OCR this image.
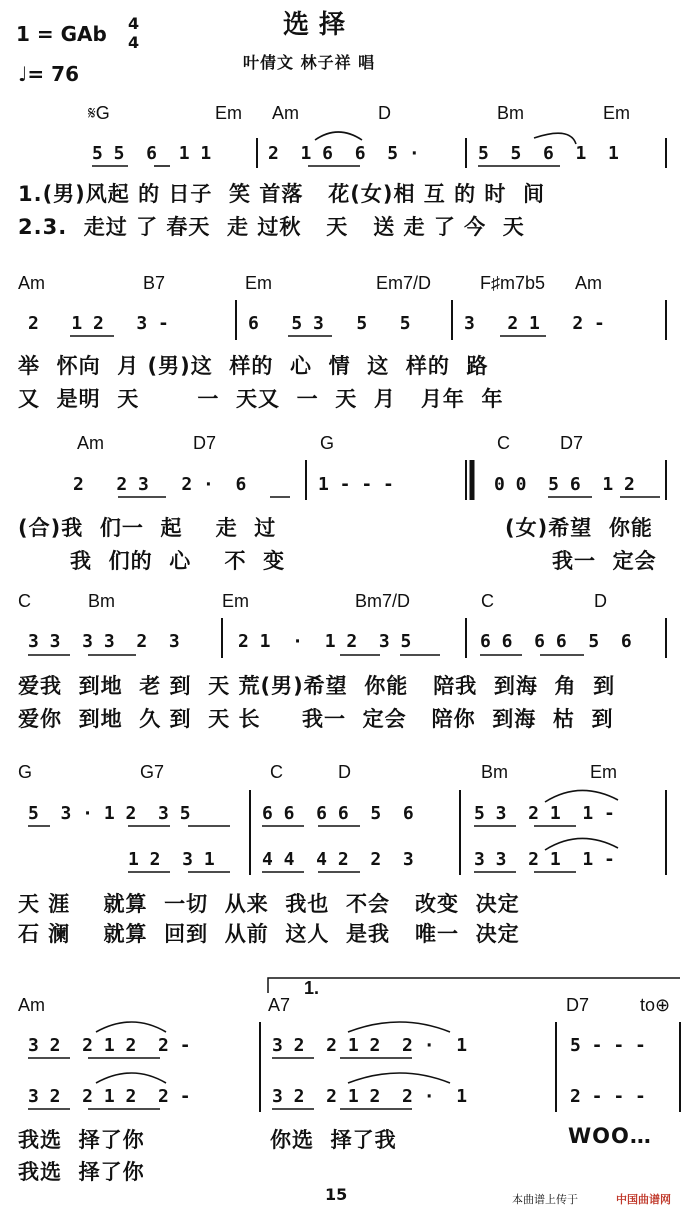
选择
叶倩文 林子祥 唱
1 = GAb 4
4
♩= 76
𝄋G	Em Am	D	Bm	Em
5 5  6  1 1	2  1 6  6  5 ·	5  5  6  1  1
1.(男)风起 的 日子  笑 首落   花(女)相 互 的 时  间
2.3.  走过 了 春天  走 过秋   天   送 走 了 今  天
Am	B7	Em	Em7/D	F♯m7b5 Am
2   1 2   3 -	6   5 3   5   5	3   2 1   2 -
举  怀向  月 (男)这  样的  心  情  这  样的  路
又  是明  天       一  天又  一  天  月   月年  年
Am	D7	G	C	D7
2   2 3   2 ·  6	1 - - -	0 0  5 6  1 2
(合)我  们一  起    走  过	(女)希望  你能
我  们的  心    不  变	我一  定会
C	Bm	Em	Bm7/D	C	D
3 3  3 3  2  3	2 1  ·  1 2  3 5	6 6  6 6  5  6
爱我  到地  老 到  天 荒(男)希望  你能   陪我  到海  角  到
爱你  到地  久 到  天 长     我一  定会   陪你  到海  枯  到
G	G7	C	D	Bm	Em
5  3 · 1 2  3 5	6 6  6 6  5  6	5 3  2 1  1 -
1 2  3 1	4 4  4 2  2  3	3 3  2 1  1 -
天 涯    就算  一切  从来  我也  不会   改变  决定
石 澜    就算  回到  从前  这人  是我   唯一  决定
Am	A7	D7	to⊕
1.
3 2  2 1 2  2 -	3 2  2 1 2  2 ·  1	5 - - -
3 2  2 1 2  2 -	3 2  2 1 2  2 ·  1	2 - - -
我选  择了你	你选  择了我	WOO…
我选  择了你
15	本曲谱上传于	中国曲谱网
